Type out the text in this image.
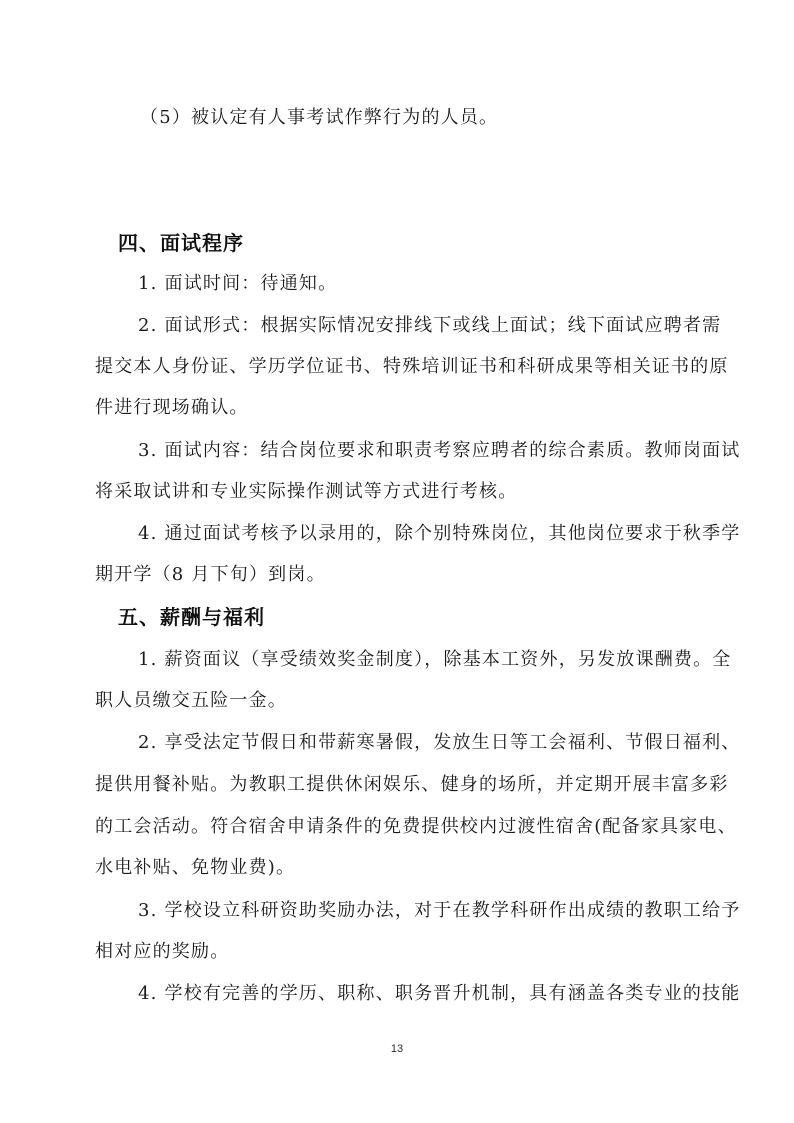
（5）被认定有人事考试作弊行为的人员。
四、面试程序
1. 面试时间：待通知。
2. 面试形式：根据实际情况安排线下或线上面试；线下面试应聘者需
提交本人身份证、学历学位证书、特殊培训证书和科研成果等相关证书的原
件进行现场确认。
3. 面试内容：结合岗位要求和职责考察应聘者的综合素质。教师岗面试
将采取试讲和专业实际操作测试等方式进行考核。
4. 通过面试考核予以录用的，除个别特殊岗位，其他岗位要求于秋季学
期开学（8 月下旬）到岗。
五、薪酬与福利
1. 薪资面议（享受绩效奖金制度），除基本工资外，另发放课酬费。全
职人员缴交五险一金。
2. 享受法定节假日和带薪寒暑假，发放生日等工会福利、节假日福利、
提供用餐补贴。为教职工提供休闲娱乐、健身的场所，并定期开展丰富多彩
的工会活动。符合宿舍申请条件的免费提供校内过渡性宿舍(配备家具家电、
水电补贴、免物业费)。
3. 学校设立科研资助奖励办法，对于在教学科研作出成绩的教职工给予
相对应的奖励。
4. 学校有完善的学历、职称、职务晋升机制，具有涵盖各类专业的技能
13
